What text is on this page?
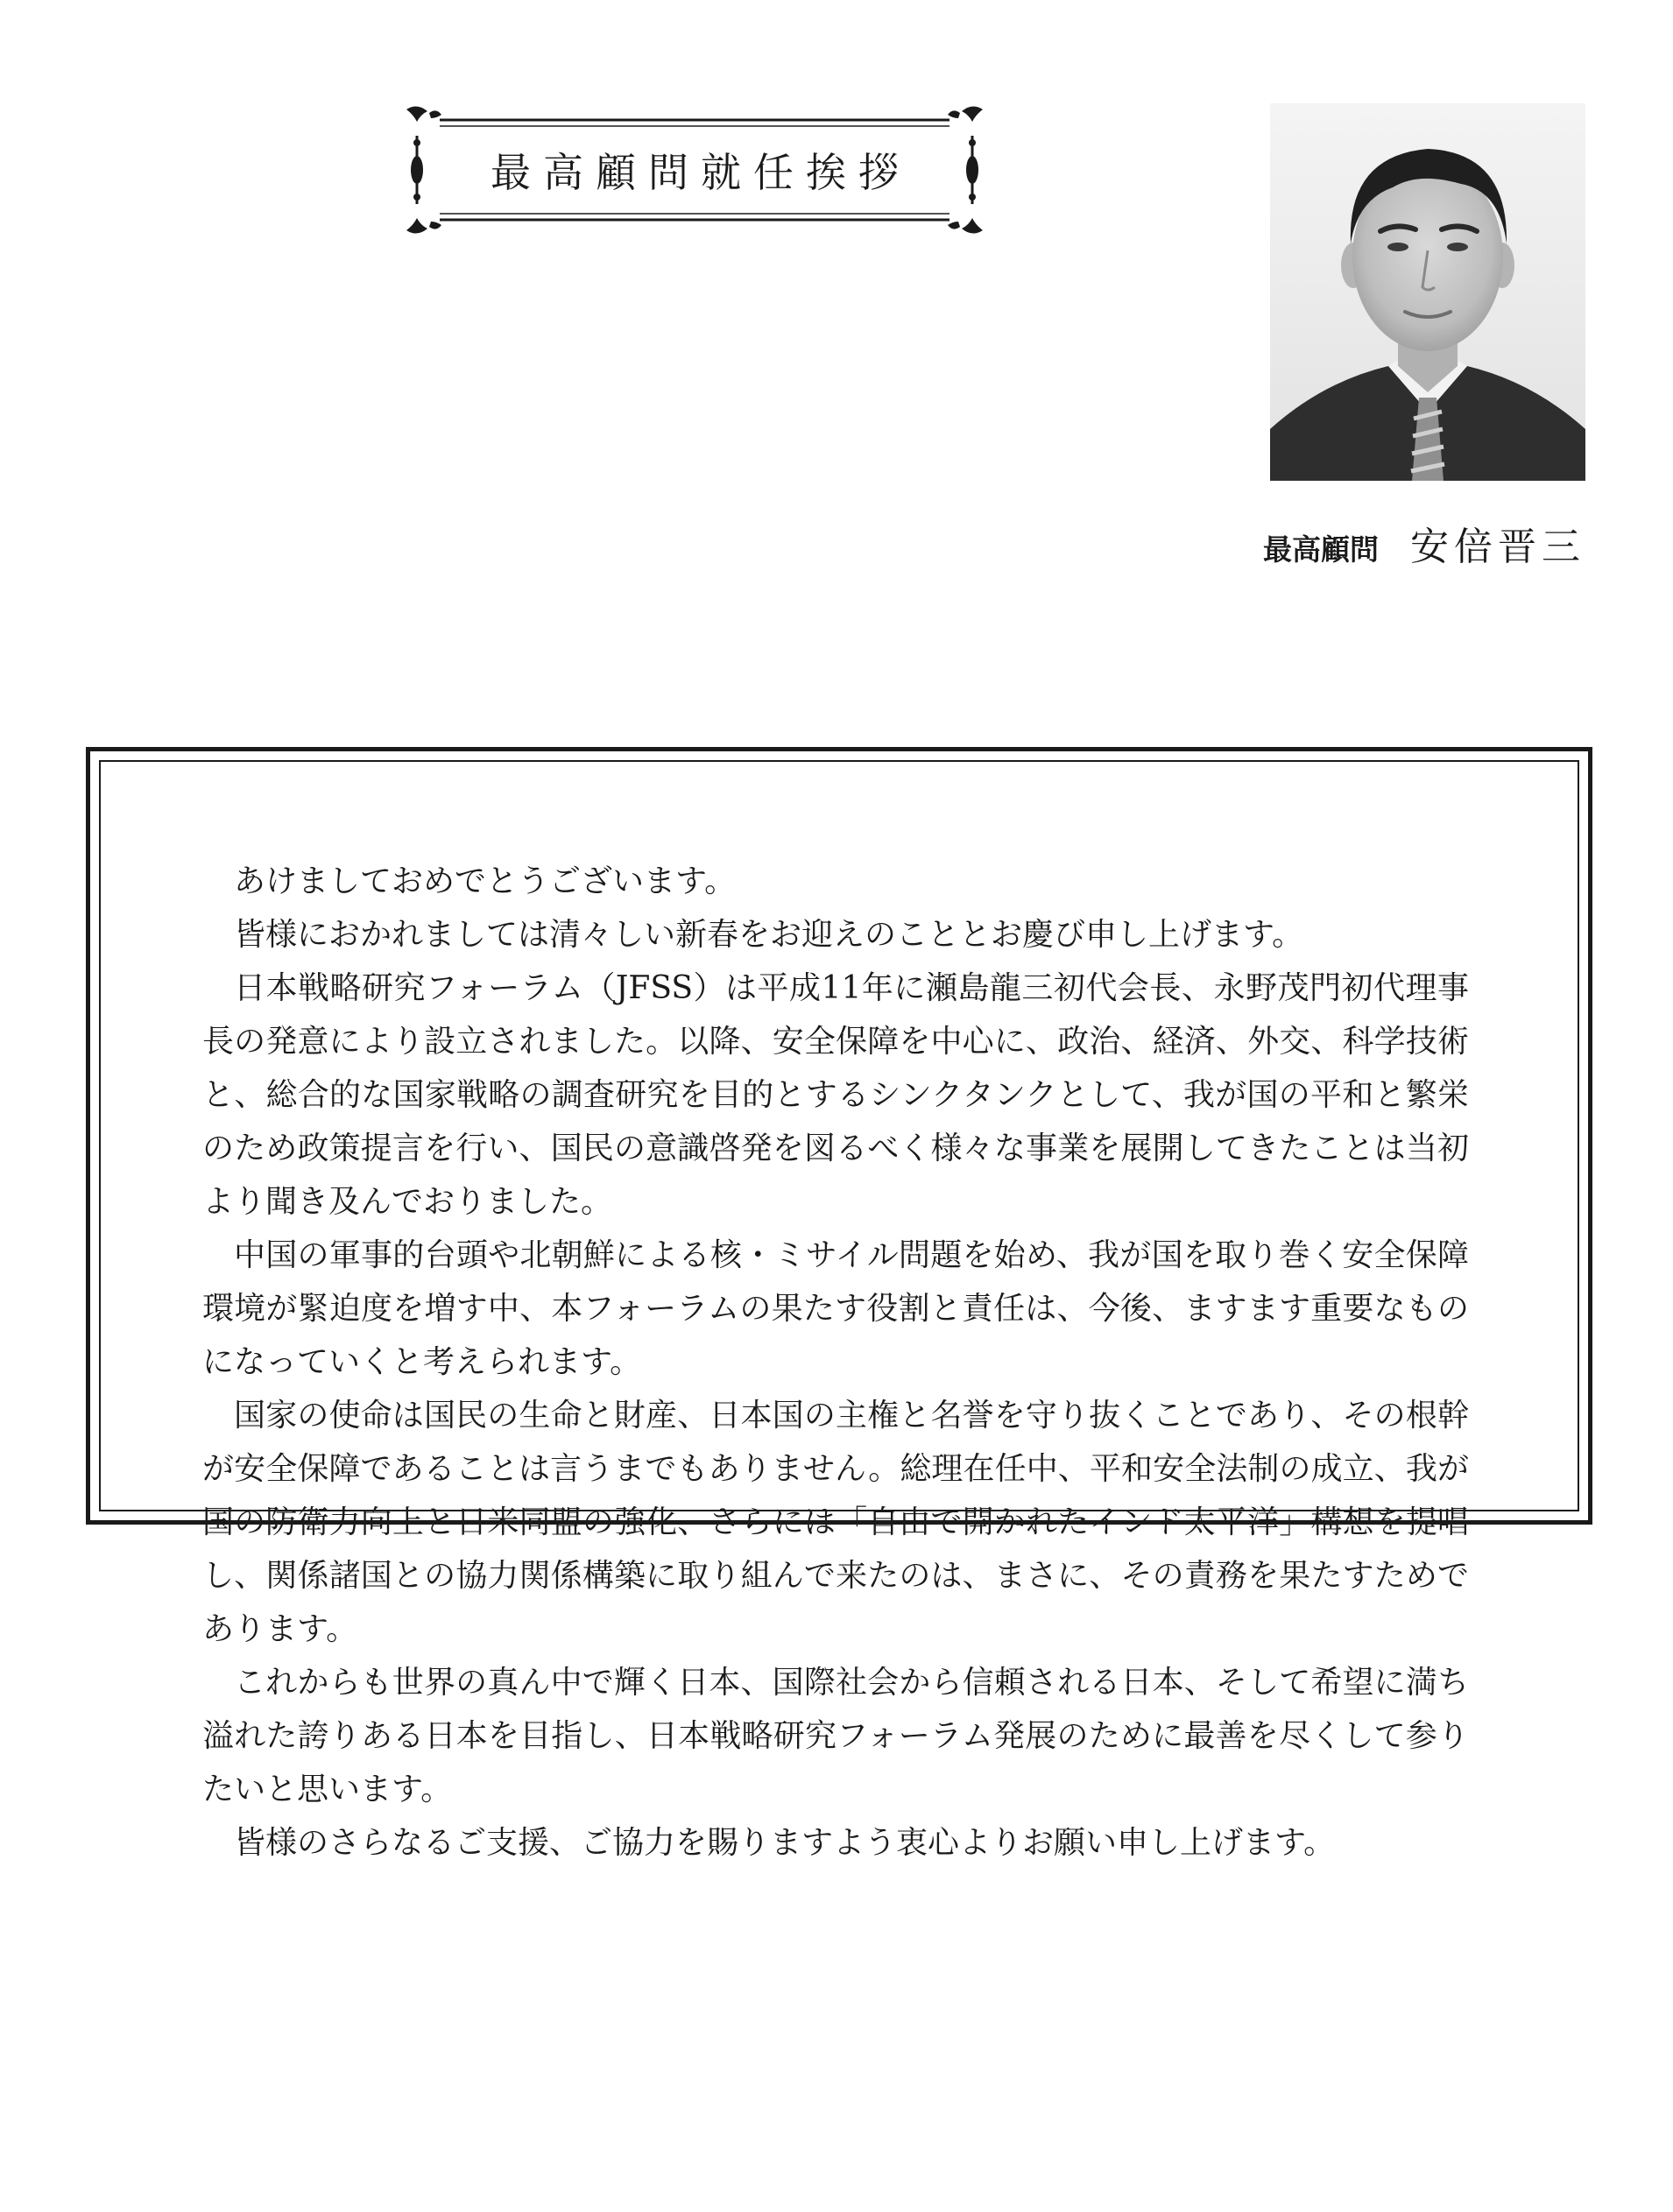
最高顧問就任挨拶
最高顧問 安倍晋三

あけましておめでとうございます。

皆様におかれましては清々しい新春をお迎えのこととお慶び申し上げます。

日本戦略研究フォーラム（JFSS）は平成11年に瀬島龍三初代会長、永野茂門初代理事長の発意により設立されました。以降、安全保障を中心に、政治、経済、外交、科学技術と、総合的な国家戦略の調査研究を目的とするシンクタンクとして、我が国の平和と繁栄のため政策提言を行い、国民の意識啓発を図るべく様々な事業を展開してきたことは当初より聞き及んでおりました。

中国の軍事的台頭や北朝鮮による核・ミサイル問題を始め、我が国を取り巻く安全保障環境が緊迫度を増す中、本フォーラムの果たす役割と責任は、今後、ますます重要なものになっていくと考えられます。

国家の使命は国民の生命と財産、日本国の主権と名誉を守り抜くことであり、その根幹が安全保障であることは言うまでもありません。総理在任中、平和安全法制の成立、我が国の防衛力向上と日米同盟の強化、さらには「自由で開かれたインド太平洋」構想を提唱し、関係諸国との協力関係構築に取り組んで来たのは、まさに、その責務を果たすためであります。

これからも世界の真ん中で輝く日本、国際社会から信頼される日本、そして希望に満ち溢れた誇りある日本を目指し、日本戦略研究フォーラム発展のために最善を尽くして参りたいと思います。

皆様のさらなるご支援、ご協力を賜りますよう衷心よりお願い申し上げます。
